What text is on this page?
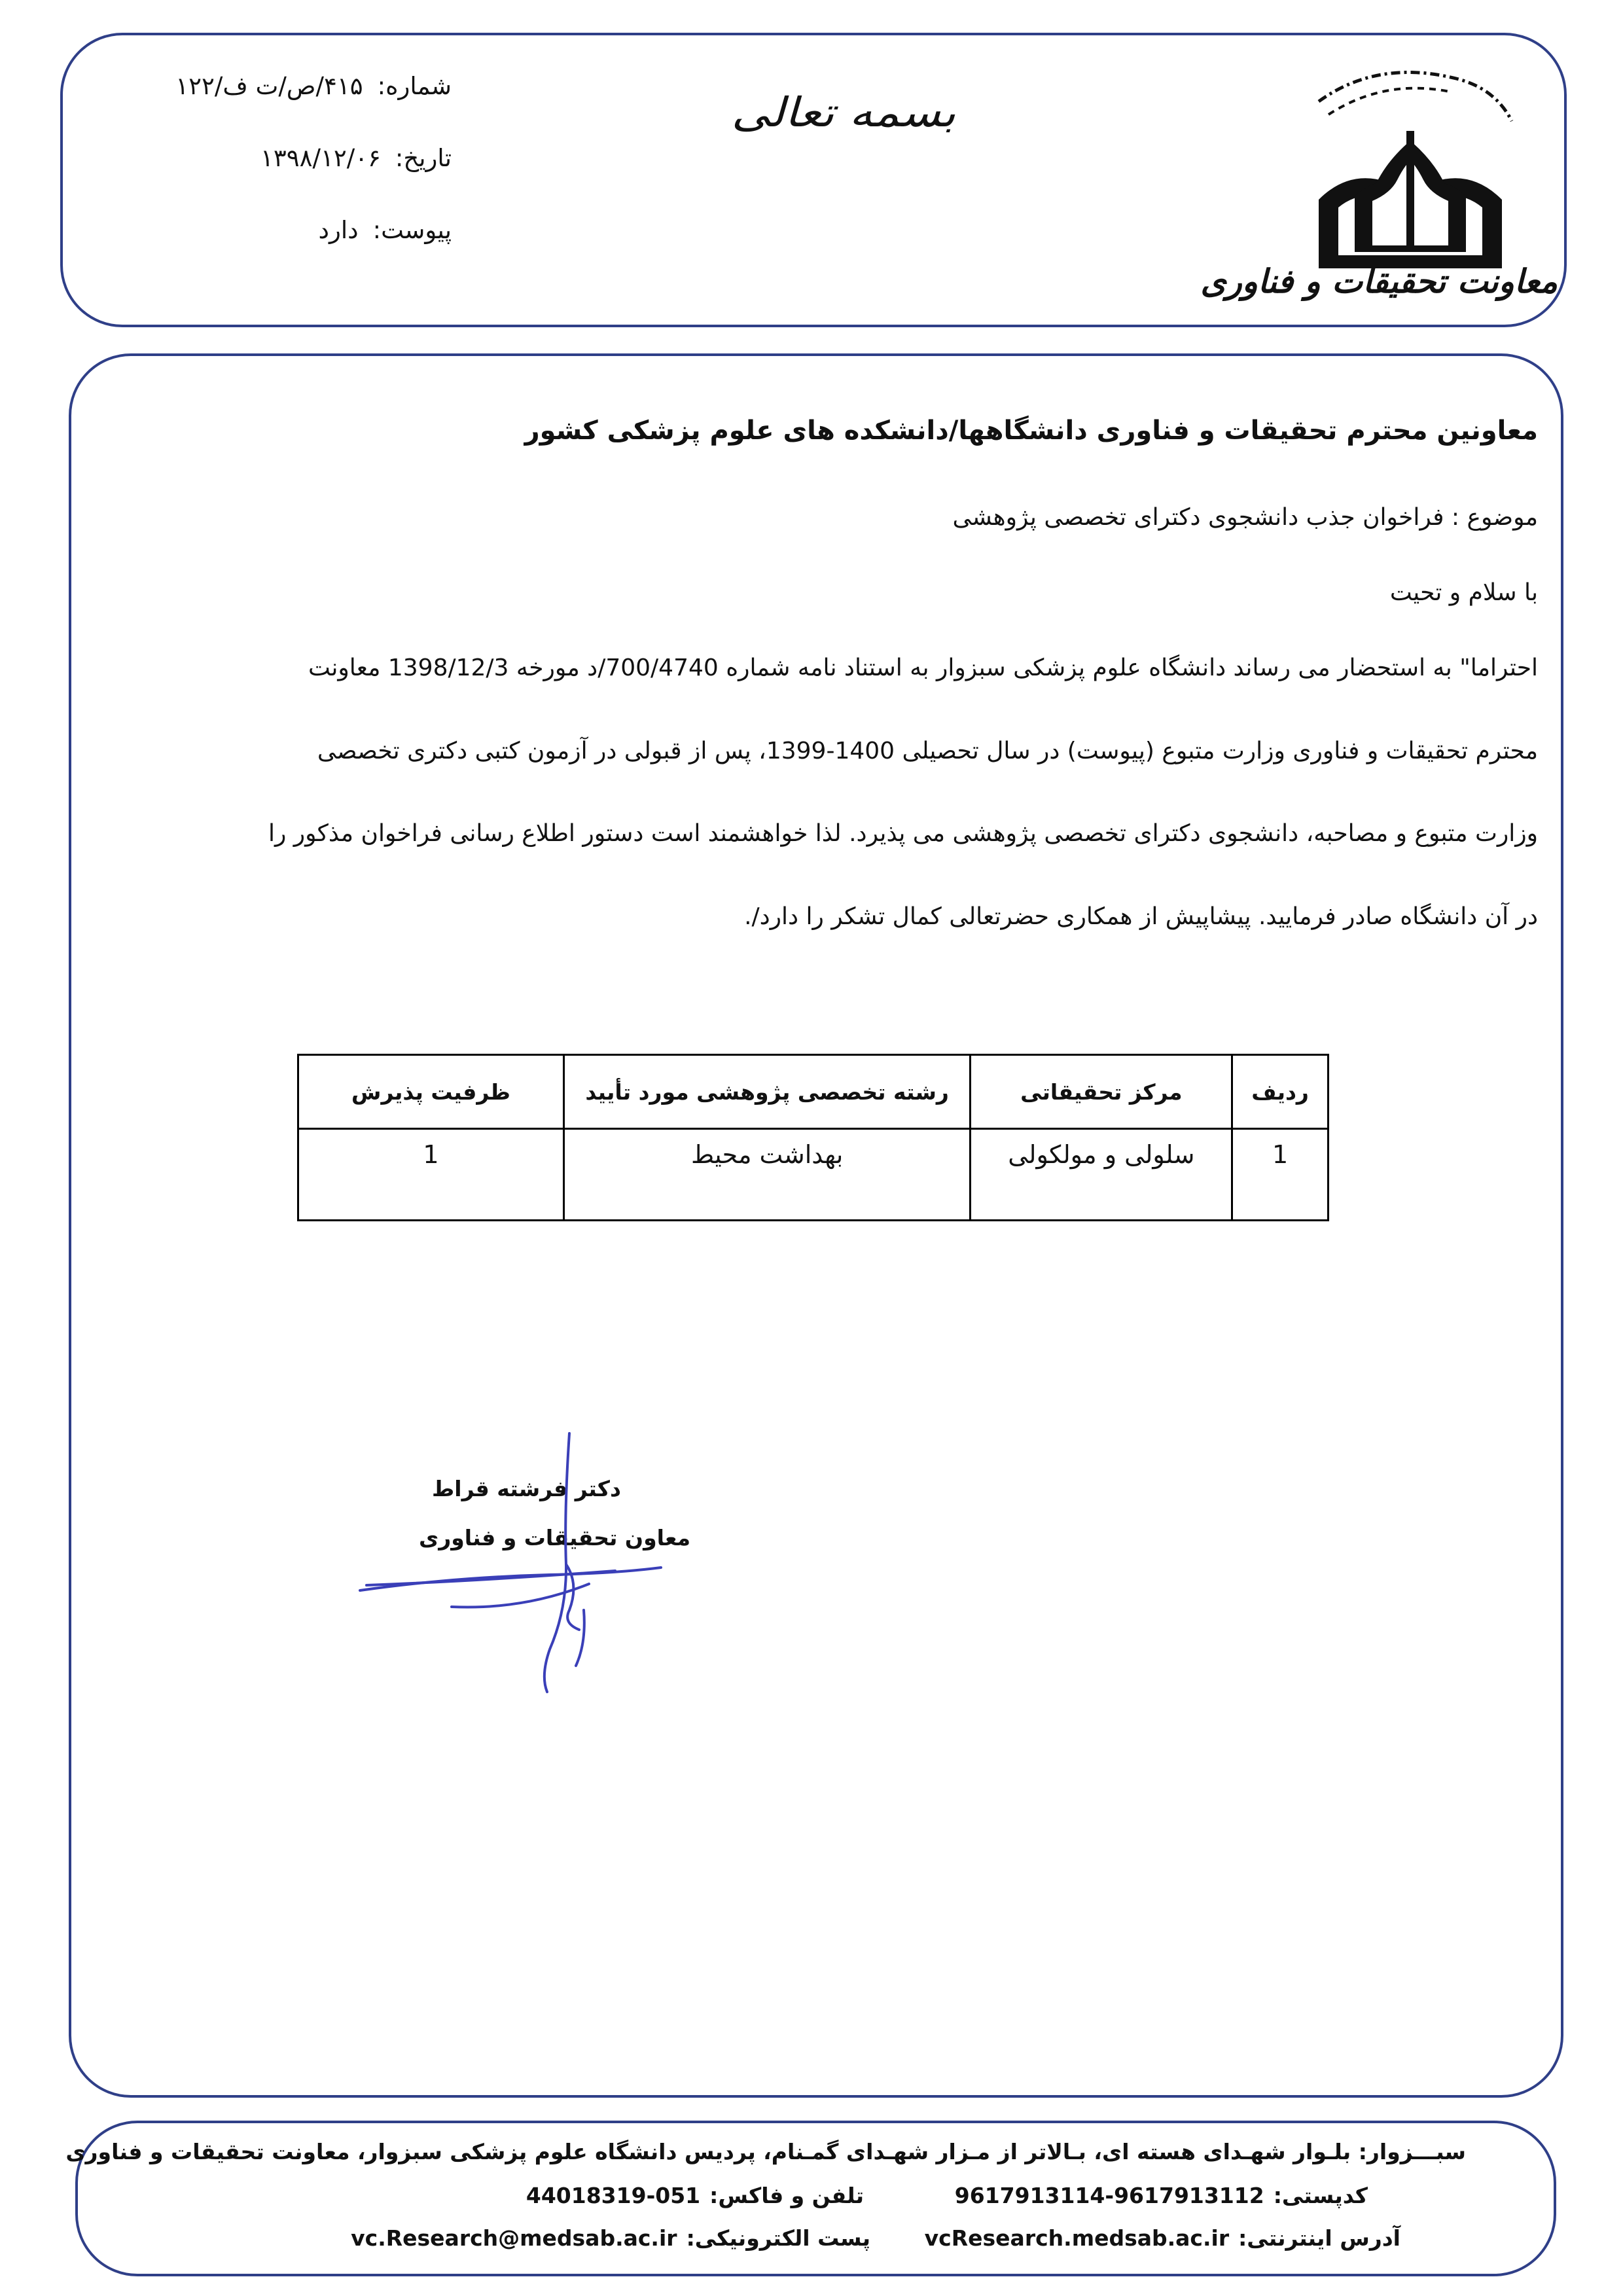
شماره:۴۱۵/ص/ت ف/۱۲۲
تاریخ:۱۳۹۸/۱۲/۰۶
پیوست:دارد
بسمه تعالی
معاونت تحقیقات و فناوری
معاونین محترم تحقیقات و فناوری دانشگاهها/دانشکده های علوم پزشکی کشور
موضوع : فراخوان جذب دانشجوی دکترای تخصصی پژوهشی
با سلام و تحیت
احتراما" به استحضار می رساند دانشگاه علوم پزشکی سبزوار به استناد نامه شماره 700/4740/د مورخه 1398/12/3 معاونت
محترم تحقیقات و فناوری وزارت متبوع (پیوست) در سال تحصیلی 1400-1399، پس از قبولی در آزمون کتبی دکتری تخصصی
وزارت متبوع و مصاحبه، دانشجوی دکترای تخصصی پژوهشی می پذیرد. لذا خواهشمند است دستور اطلاع رسانی فراخوان مذکور را
در آن دانشگاه صادر فرمایید. پیشاپیش از همکاری حضرتعالی کمال تشکر را دارد/.
ردیف	مرکز تحقیقاتی	رشته تخصصی پژوهشی مورد تأیید	ظرفیت پذیرش
1	سلولی و مولکولی	بهداشت محیط	1
دکتر فرشته قراط
معاون تحقیقات و فناوری
سبـــزوار: بلـوار شهـدای هسته ای، بـالاتر از مـزار شهـدای گمـنام، پردیس دانشگاه علوم پزشکی سبزوار، معاونت تحقیقات و فناوری
کدپستی:9617913114-9617913112
تلفن و فاکس:44018319-051
آدرس اینترنتی:vcResearch.medsab.ac.ir
پست الکترونیکی:vc.Research@medsab.ac.ir
